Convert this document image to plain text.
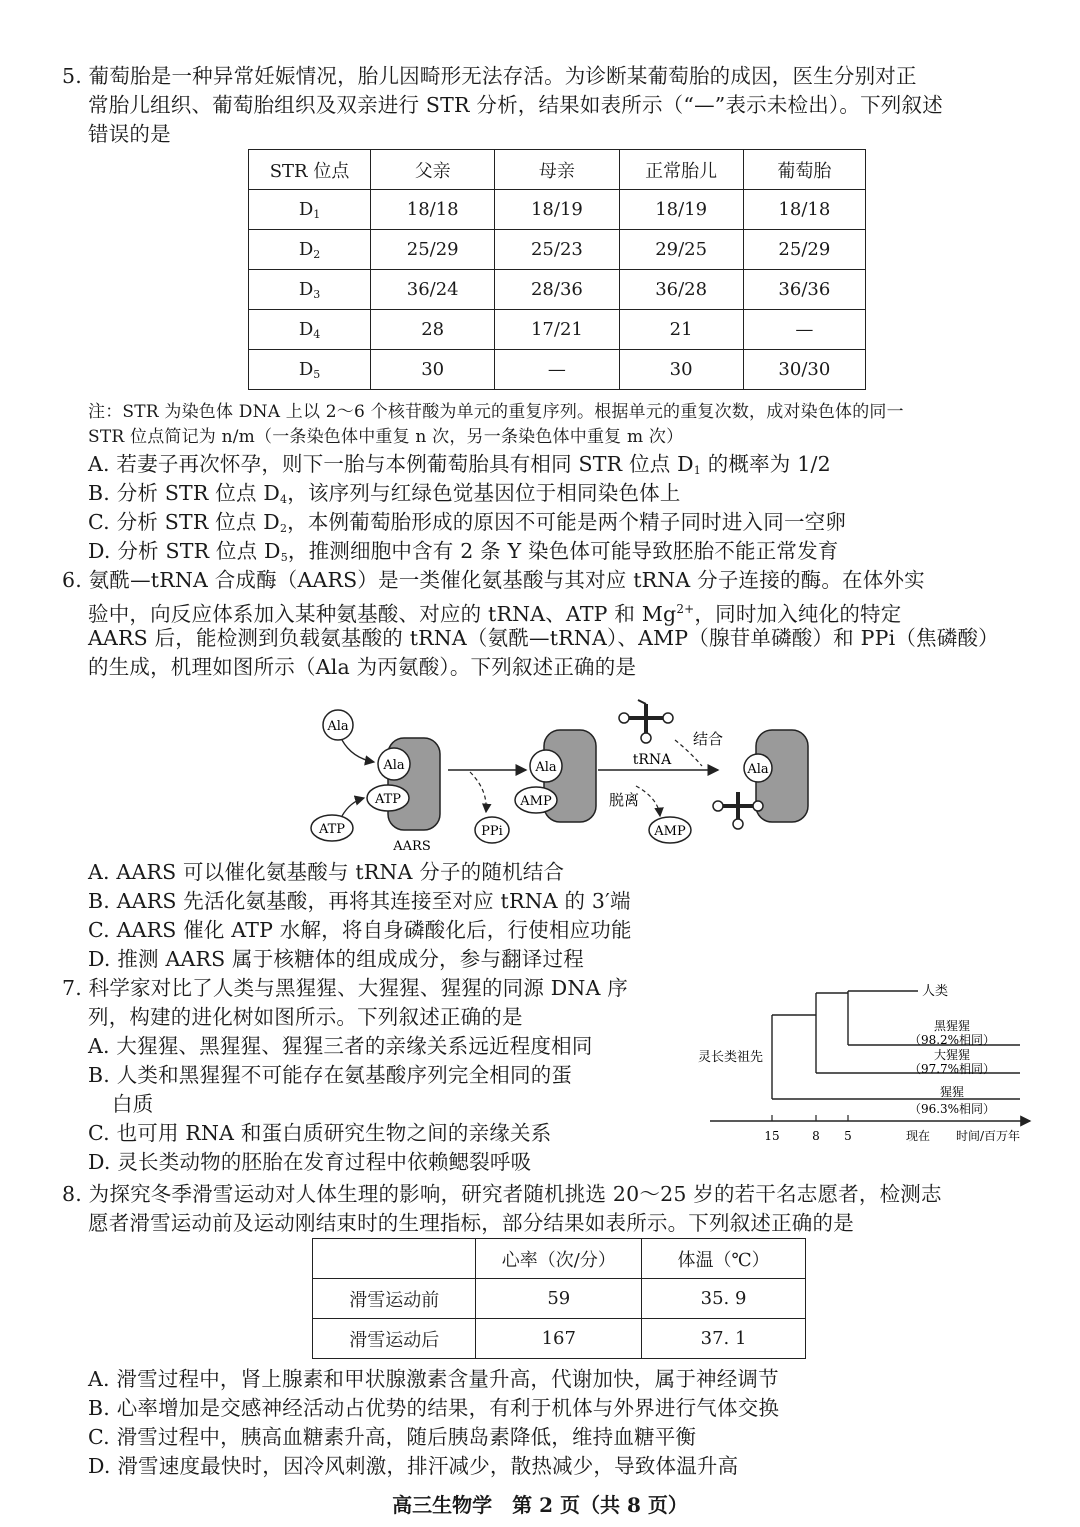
5. 葡萄胎是一种异常妊娠情况，胎儿因畸形无法存活。为诊断某葡萄胎的成因，医生分别对正
常胎儿组织、葡萄胎组织及双亲进行 STR 分析，结果如表所示（“—”表示未检出）。下列叙述
错误的是
STR 位点	父亲	母亲	正常胎儿	葡萄胎
$D_1$	18/18	18/19	18/19	18/18
$D_2$	25/29	25/23	29/25	25/29
$D_3$	36/24	28/36	36/28	36/36
$D_4$	28	17/21	21	—
$D_5$	30	—	30	30/30
注：STR 为染色体 DNA 上以 2～6 个核苷酸为单元的重复序列。根据单元的重复次数，成对染色体的同一
STR 位点简记为 n/m（一条染色体中重复 n 次，另一条染色体中重复 m 次）
A. 若妻子再次怀孕，则下一胎与本例葡萄胎具有相同 STR 位点 $D_1$ 的概率为 1/2
B. 分析 STR 位点 $D_4$，该序列与红绿色觉基因位于相同染色体上
C. 分析 STR 位点 $D_2$，本例葡萄胎形成的原因不可能是两个精子同时进入同一空卵
D. 分析 STR 位点 $D_5$，推测细胞中含有 2 条 Y 染色体可能导致胚胎不能正常发育
6. 氨酰—tRNA 合成酶（AARS）是一类催化氨基酸与其对应 tRNA 分子连接的酶。在体外实
验中，向反应体系加入某种氨基酸、对应的 tRNA、ATP 和 $Mg^{2+}$，同时加入纯化的特定
AARS 后，能检测到负载氨基酸的 tRNA（氨酰—tRNA）、AMP（腺苷单磷酸）和 PPi（焦磷酸）
的生成，机理如图所示（Ala 为丙氨酸）。下列叙述正确的是
Ala
Ala
ATP
ATP
AARS
PPi
Ala
AMP
tRNA
结合
脱离
AMP
Ala
A. AARS 可以催化氨基酸与 tRNA 分子的随机结合
B. AARS 先活化氨基酸，再将其连接至对应 tRNA 的 3′端
C. AARS 催化 ATP 水解，将自身磷酸化后，行使相应功能
D. 推测 AARS 属于核糖体的组成成分，参与翻译过程
7. 科学家对比了人类与黑猩猩、大猩猩、猩猩的同源 DNA 序
列，构建的进化树如图所示。下列叙述正确的是
A. 大猩猩、黑猩猩、猩猩三者的亲缘关系远近程度相同
B. 人类和黑猩猩不可能存在氨基酸序列完全相同的蛋
白质
C. 也可用 RNA 和蛋白质研究生物之间的亲缘关系
D. 灵长类动物的胚胎在发育过程中依赖鳃裂呼吸
灵长类祖先
人类
黑猩猩
（98.2%相同）
大猩猩
（97.7%相同）
猩猩
（96.3%相同）
15	8 5	现在 时间/百万年
8. 为探究冬季滑雪运动对人体生理的影响，研究者随机挑选 20～25 岁的若干名志愿者，检测志
愿者滑雪运动前及运动刚结束时的生理指标，部分结果如表所示。下列叙述正确的是
	心率（次/分）	体温（℃）
滑雪运动前	59	35. 9
滑雪运动后	167	37. 1
A. 滑雪过程中，肾上腺素和甲状腺激素含量升高，代谢加快，属于神经调节
B. 心率增加是交感神经活动占优势的结果，有利于机体与外界进行气体交换
C. 滑雪过程中，胰高血糖素升高，随后胰岛素降低，维持血糖平衡
D. 滑雪速度最快时，因冷风刺激，排汗减少，散热减少，导致体温升高
高三生物学　第 2 页（共 8 页）
